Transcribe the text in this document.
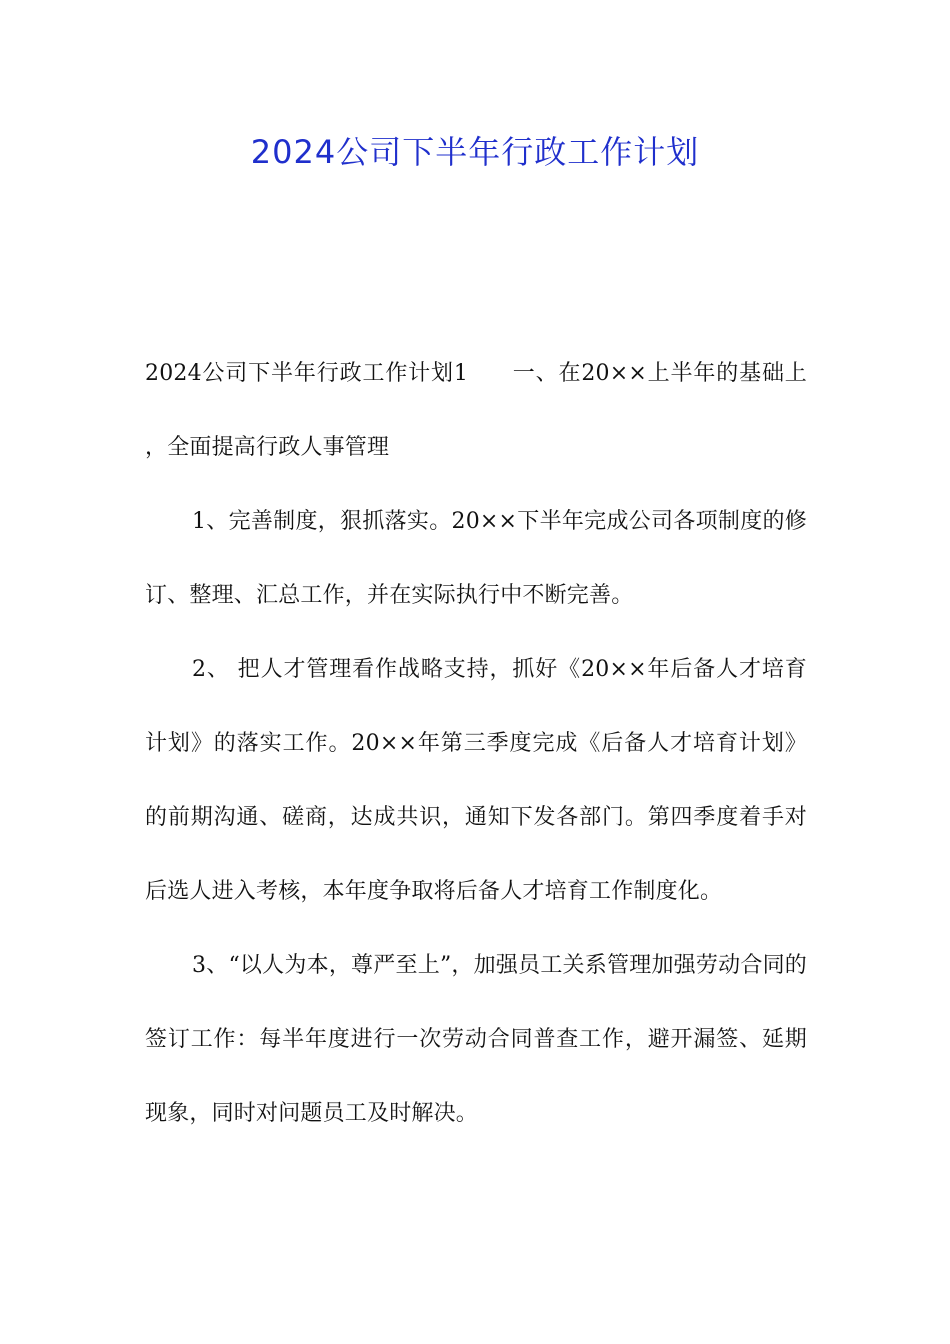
2024公司下半年行政工作计划

2024公司下半年行政工作计划1 一、在20××上半年的基础上，全面提高行政人事管理

1、完善制度，狠抓落实。20××下半年完成公司各项制度的修订、整理、汇总工作，并在实际执行中不断完善。

2、 把人才管理看作战略支持，抓好《20××年后备人才培育计划》的落实工作。20××年第三季度完成《后备人才培育计划》的前期沟通、磋商，达成共识，通知下发各部门。第四季度着手对后选人进入考核，本年度争取将后备人才培育工作制度化。

3、“以人为本，尊严至上”，加强员工关系管理加强劳动合同的签订工作：每半年度进行一次劳动合同普查工作，避开漏签、延期现象，同时对问题员工及时解决。
